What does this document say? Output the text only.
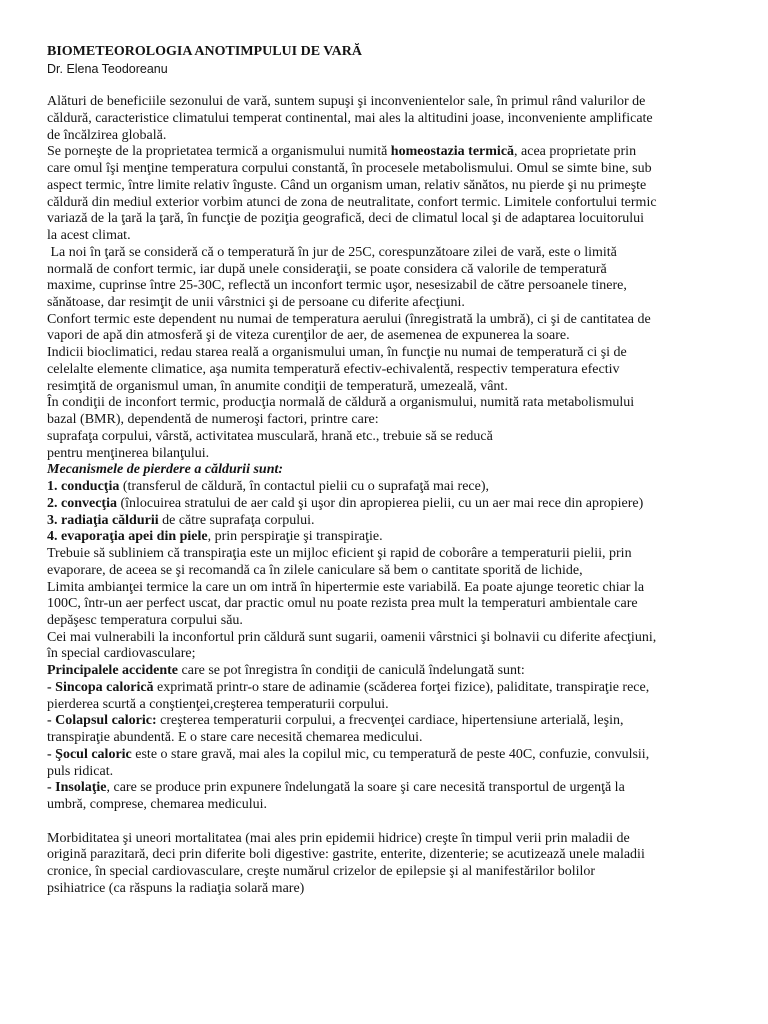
BIOMETEOROLOGIA ANOTIMPULUI DE VARĂ
Dr. Elena Teodoreanu
Alături de beneficiile sezonului de vară, suntem supuşi şi inconvenientelor sale, în primul rând valurilor de
căldură, caracteristice climatului temperat continental, mai ales la altitudini joase, inconveniente amplificate
de încălzirea globală.
Se porneşte de la proprietatea termică a organismului numită homeostazia termică, acea proprietate prin
care omul îşi menţine temperatura corpului constantă, în procesele metabolismului. Omul se simte bine, sub
aspect termic, între limite relativ înguste. Când un organism uman, relativ sănătos, nu pierde şi nu primeşte
căldură din mediul exterior vorbim atunci de zona de neutralitate, confort termic. Limitele confortului termic
variază de la ţară la ţară, în funcţie de poziţia geografică, deci de climatul local şi de adaptarea locuitorului
la acest climat.
La noi în ţară se consideră că o temperatură în jur de 25C, corespunzătoare zilei de vară, este o limită
normală de confort termic, iar după unele consideraţii, se poate considera că valorile de temperatură
maxime, cuprinse între 25-30C, reflectă un inconfort termic uşor, nesesizabil de către persoanele tinere,
sănătoase, dar resimţit de unii vârstnici şi de persoane cu diferite afecţiuni.
Confort termic este dependent nu numai de temperatura aerului (înregistrată la umbră), ci şi de cantitatea de
vapori de apă din atmosferă şi de viteza curenţilor de aer, de asemenea de expunerea la soare.
Indicii bioclimatici, redau starea reală a organismului uman, în funcţie nu numai de temperatură ci şi de
celelalte elemente climatice, aşa numita temperatură efectiv-echivalentă, respectiv temperatura efectiv
resimţită de organismul uman, în anumite condiţii de temperatură, umezeală, vânt.
În condiţii de inconfort termic, producţia normală de căldură a organismului, numită rata metabolismului
bazal (BMR), dependentă de numeroşi factori, printre care:
suprafaţa corpului, vârstă, activitatea musculară, hrană etc., trebuie să se reducă
pentru menţinerea bilanţului.
Mecanismele de pierdere a căldurii sunt:
1. conducţia (transferul de căldură, în contactul pielii cu o suprafaţă mai rece),
2. convecţia (înlocuirea stratului de aer cald şi uşor din apropierea pielii, cu un aer mai rece din apropiere)
3. radiaţia căldurii de către suprafaţa corpului.
4. evaporaţia apei din piele, prin perspiraţie şi transpiraţie.
Trebuie să subliniem că transpiraţia este un mijloc eficient şi rapid de coborâre a temperaturii pielii, prin
evaporare, de aceea se şi recomandă ca în zilele caniculare să bem o cantitate sporită de lichide,
Limita ambianţei termice la care un om intră în hipertermie este variabilă. Ea poate ajunge teoretic chiar la
100C, într-un aer perfect uscat, dar practic omul nu poate rezista prea mult la temperaturi ambientale care
depăşesc temperatura corpului său.
Cei mai vulnerabili la inconfortul prin căldură sunt sugarii, oamenii vârstnici şi bolnavii cu diferite afecţiuni,
în special cardiovasculare;
Principalele accidente care se pot înregistra în condiţii de caniculă îndelungată sunt:
- Sincopa calorică exprimată printr-o stare de adinamie (scăderea forţei fizice), paliditate, transpiraţie rece,
pierderea scurtă a conştienţei,creşterea temperaturii corpului.
- Colapsul caloric: creşterea temperaturii corpului, a frecvenţei cardiace, hipertensiune arterială, leşin,
transpiraţie abundentă. E o stare care necesită chemarea medicului.
- Şocul caloric este o stare gravă, mai ales la copilul mic, cu temperatură de peste 40C, confuzie, convulsii,
puls ridicat.
- Insolaţie, care se produce prin expunere îndelungată la soare şi care necesită transportul de urgenţă la
umbră, comprese, chemarea medicului.
Morbiditatea şi uneori mortalitatea (mai ales prin epidemii hidrice) creşte în timpul verii prin maladii de
origină parazitară, deci prin diferite boli digestive: gastrite, enterite, dizenterie; se acutizează unele maladii
cronice, în special cardiovasculare, creşte numărul crizelor de epilepsie şi al manifestărilor bolilor
psihiatrice (ca răspuns la radiaţia solară mare)
